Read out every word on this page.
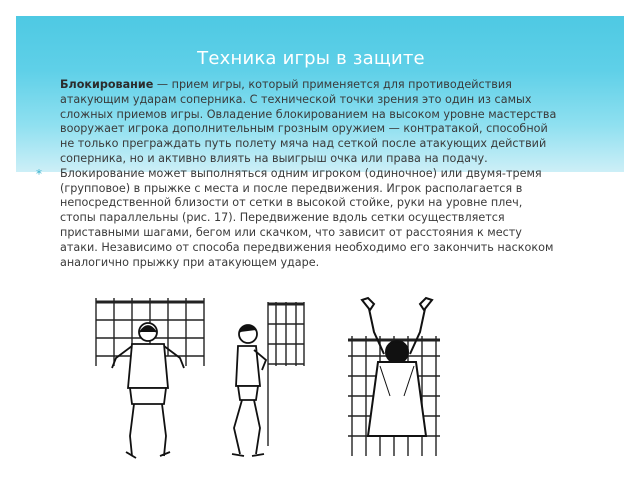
Техника игры в защите

Блокирование — прием игры, который применяется для противодействия атакующим ударам соперника. С технической точки зрения это один из самых сложных приемов игры. Овладение блокированием на высоком уровне мастерства вооружает игрока дополнительным грозным оружием — контратакой, способной не только преграждать путь полету мяча над сеткой после атакующих действий соперника, но и активно влиять на выигрыш очка или права на подачу.

* Блокирование может выполняться одним игроком (одиночное) или двумя-тремя (групповое) в прыжке с места и после передвижения. Игрок располагается в непосредственной близости от сетки в высокой стойке, руки на уровне плеч, стопы параллельны (рис. 17). Передвижение вдоль сетки осуществляется приставными шагами, бегом или скачком, что зависит от расстояния к месту атаки. Независимо от способа передвижения необходимо его закончить наскоком аналогично прыжку при атакующем ударе.
